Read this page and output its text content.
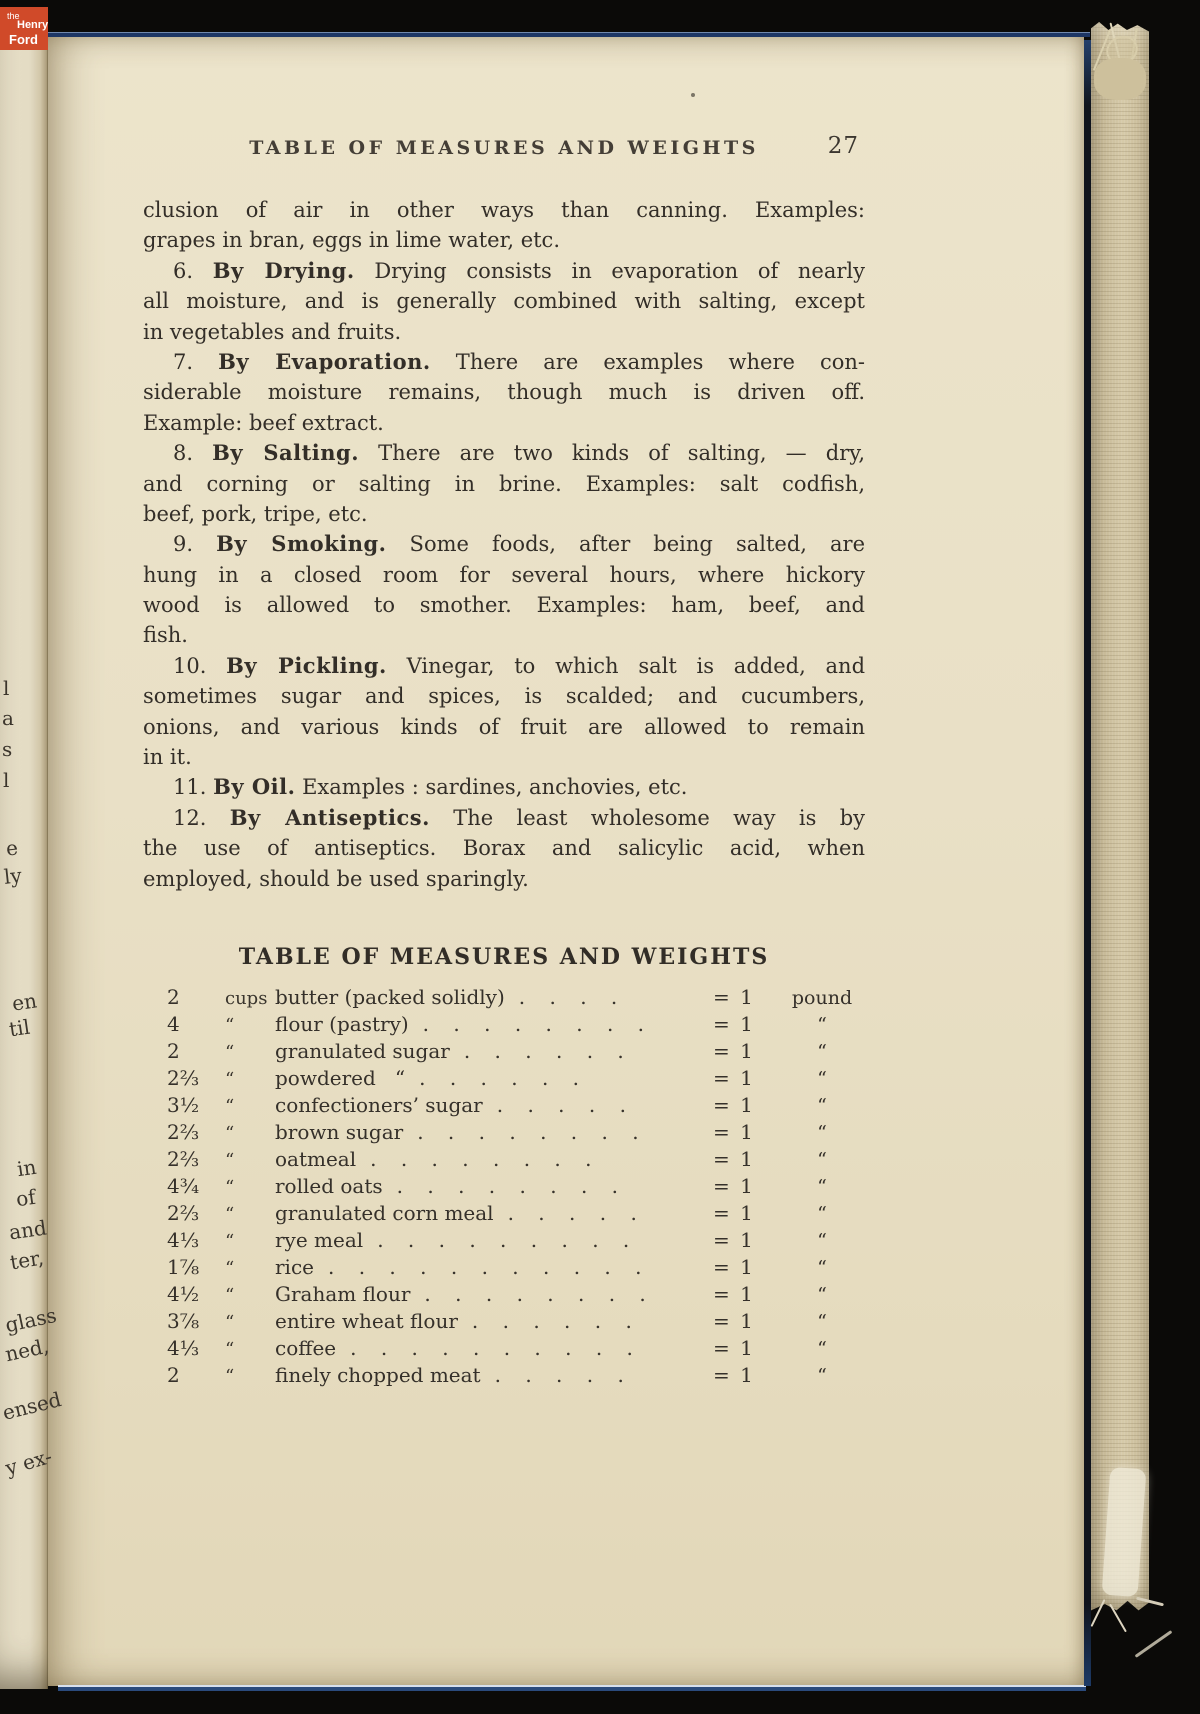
the
Henry
Ford
l
a
s
l
e
ly
en
til
in
of
and
ter,
glass
ned,
ensed
y ex-
TABLE OF MEASURES AND WEIGHTS	27
clusion of air in other ways than canning. Examples:
grapes in bran, eggs in lime water, etc.
6. By Drying. Drying consists in evaporation of nearly
all moisture, and is generally combined with salting, except
in vegetables and fruits.
7. By Evaporation. There are examples where con-
siderable moisture remains, though much is driven off.
Example: beef extract.
8. By Salting. There are two kinds of salting, — dry,
and corning or salting in brine. Examples: salt codfish,
beef, pork, tripe, etc.
9. By Smoking. Some foods, after being salted, are
hung in a closed room for several hours, where hickory
wood is allowed to smother. Examples: ham, beef, and
fish.
10. By Pickling. Vinegar, to which salt is added, and
sometimes sugar and spices, is scalded; and cucumbers,
onions, and various kinds of fruit are allowed to remain
in it.
11. By Oil. Examples : sardines, anchovies, etc.
12. By Antiseptics. The least wholesome way is by
the use of antiseptics. Borax and salicylic acid, when
employed, should be used sparingly.
TABLE OF MEASURES AND WEIGHTS
2	cups butter (packed solidly) . . . .	= 1	pound
4	“	flour (pastry) . . . . . . . .	= 1	“
2	“	granulated sugar . . . . . .	= 1	“
2⅔	“	powdered   “ . . . . . .	= 1	“
3½	“	confectioners’ sugar . . . . .	= 1	“
2⅔	“	brown sugar . . . . . . . .	= 1	“
2⅔	“	oatmeal . . . . . . . .	= 1	“
4¾	“	rolled oats . . . . . . . .	= 1	“
2⅔	“	granulated corn meal . . . . .	= 1	“
4⅓	“	rye meal . . . . . . . . .	= 1	“
1⅞	“	rice . . . . . . . . . . .	= 1	“
4½	“	Graham flour . . . . . . . .	= 1	“
3⅞	“	entire wheat flour . . . . . .	= 1	“
4⅓	“	coffee . . . . . . . . . .	= 1	“
2	“	finely chopped meat . . . . .	= 1	“
